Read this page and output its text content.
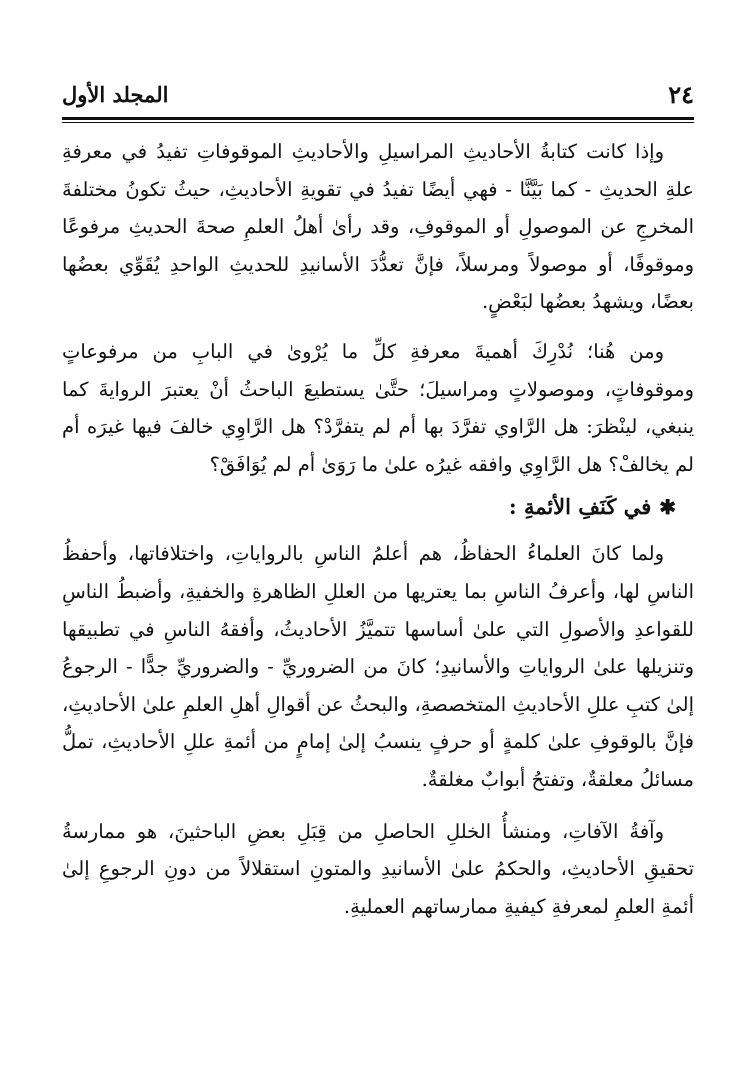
٢٤
المجلد الأول

وإذا كانت كتابةُ الأحاديثِ المراسيلِ والأحاديثِ الموقوفاتِ تفيدُ في معرفةِ علةِ الحديثِ - كما بَيَّنَّا - فهي أيضًا تفيدُ في تقويةِ الأحاديثِ، حيثُ تكونُ مختلفةَ المخرجِ عن الموصولِ أو الموقوفِ، وقد رأىٰ أهلُ العلمِ صحةَ الحديثِ مرفوعًا وموقوفًا، أو موصولاً ومرسلاً، فإنَّ تعدُّدَ الأسانيدِ للحديثِ الواحدِ يُقَوِّي بعضُها بعضًا، ويشهدُ بعضُها لبَعْضٍ.

ومن هُنا؛ نُدْرِكَ أهميةَ معرفةِ كلِّ ما يُرْوىٰ في البابِ من مرفوعاتٍ وموقوفاتٍ، وموصولاتٍ ومراسيلَ؛ حتَّىٰ يستطيعَ الباحثُ أنْ يعتبرَ الروايةَ كما ينبغي، لينْظرَ: هل الرَّاوي تفرَّدَ بها أم لم يتفرَّدْ؟ هل الرَّاوِي خالفَ فيها غيرَه أم لم يخالفْ؟ هل الرَّاوِي وافقه غيرُه علىٰ ما رَوَىٰ أم لم يُوَافَقْ؟

✱في كَنَفِ الأئمةِ :

ولما كانَ العلماءُ الحفاظُ، هم أعلمُ الناسِ بالرواياتِ، واختلافاتها، وأحفظُ الناسِ لها، وأعرفُ الناسِ بما يعتريها من العللِ الظاهرةِ والخفيةِ، وأضبطُ الناسِ للقواعدِ والأصولِ التي علىٰ أساسها تتميَّزُ الأحاديثُ، وأفقهُ الناسِ في تطبيقها وتنزيلها علىٰ الرواياتِ والأسانيدِ؛ كانَ من الضروريِّ - والضروريِّ جدًّا - الرجوعُ إلىٰ كتبِ عللِ الأحاديثِ المتخصصةِ، والبحثُ عن أقوالِ أهلِ العلمِ علىٰ الأحاديثِ، فإنَّ بالوقوفِ علىٰ كلمةٍ أو حرفٍ ينسبُ إلىٰ إمامٍ من أئمةِ عللِ الأحاديثِ، تملُّ مسائلُ معلقةٌ، وتفتحُ أبوابٌ مغلقةٌ.

وآفةُ الآفاتِ، ومنشأُ الخللِ الحاصلِ من قِبَلِ بعضِ الباحثينَ، هو ممارسةُ تحقيقِ الأحاديثِ، والحكمُ علىٰ الأسانيدِ والمتونِ استقلالاً من دونِ الرجوعِ إلىٰ أئمةِ العلمِ لمعرفةِ كيفيةِ ممارساتهم العمليةِ.
